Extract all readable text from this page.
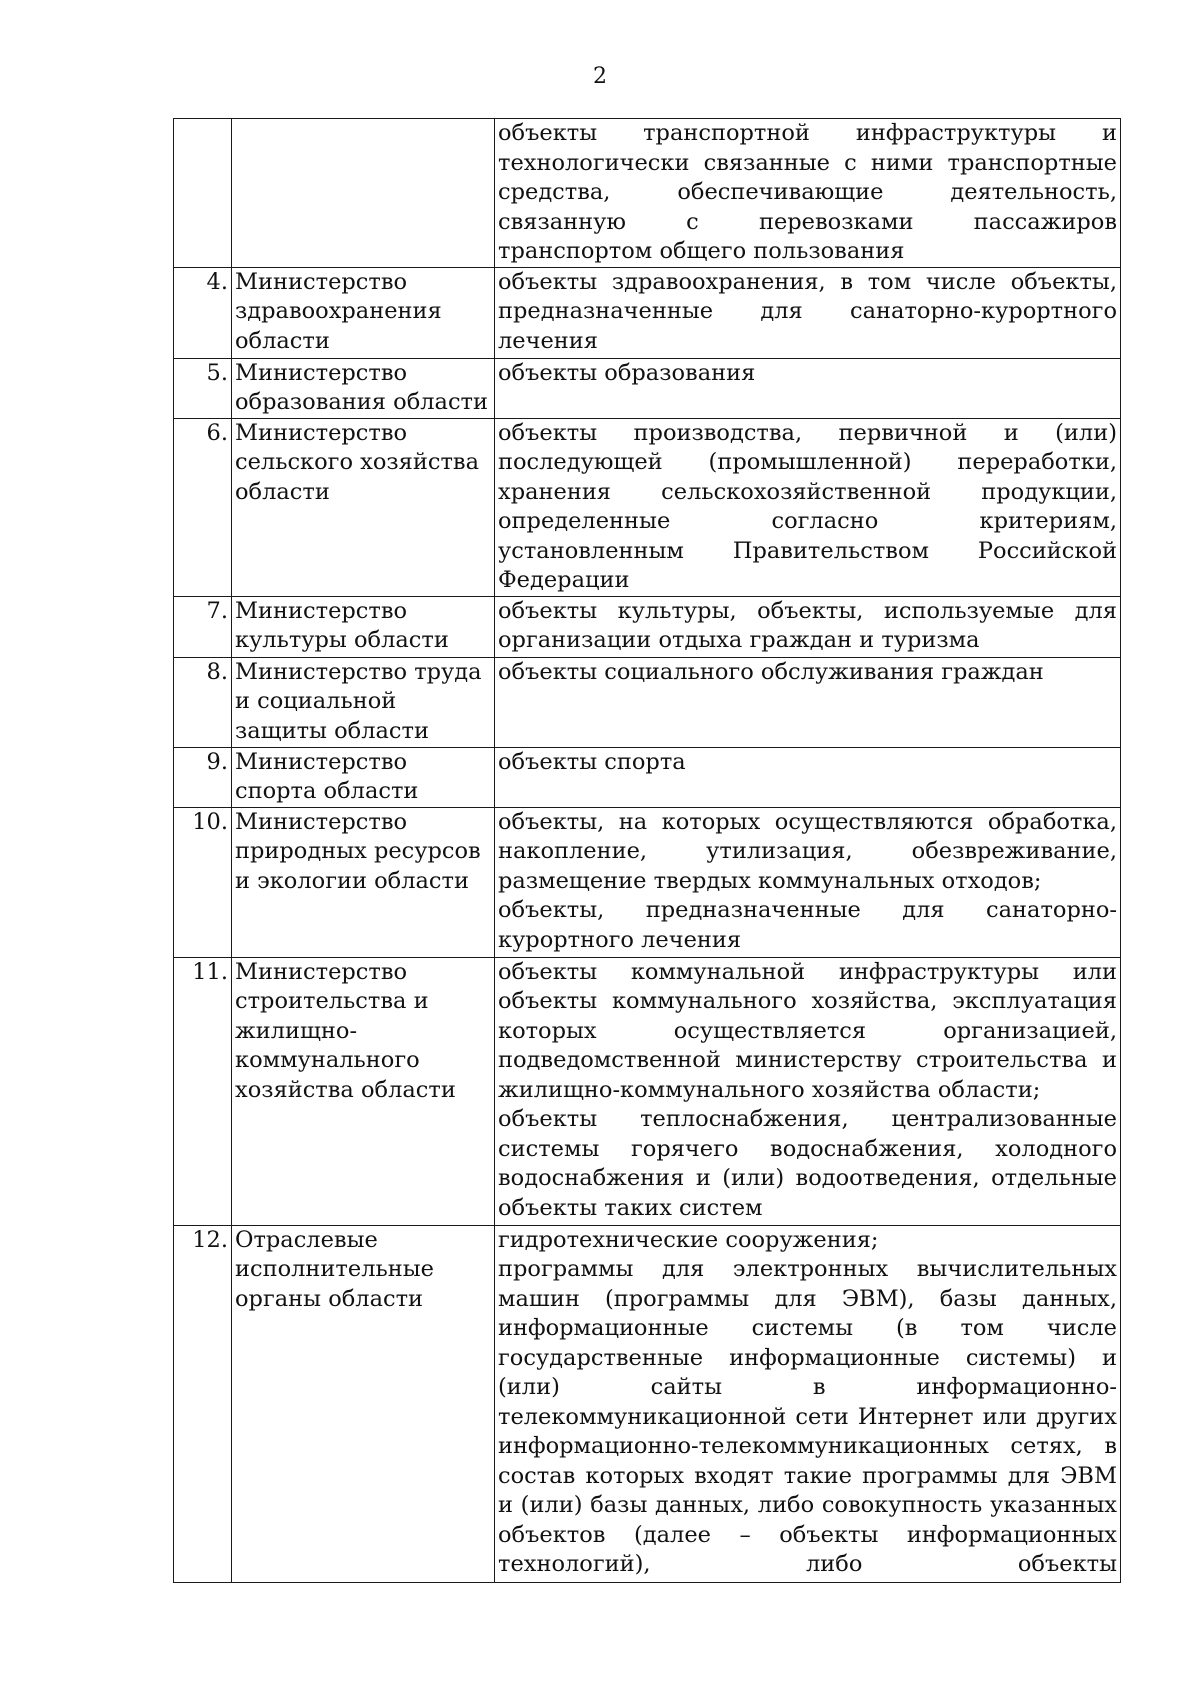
2

		объекты транспортной инфраструктуры и технологически связанные с ними транспортные средства, обеспечивающие деятельность, связанную с перевозками пассажиров транспортом общего пользования

4.	Министерство здравоохранения области	объекты здравоохранения, в том числе объекты, предназначенные для санаторно-курортного лечения

5.	Министерство образования области	объекты образования

6.	Министерство сельского хозяйства области	объекты производства, первичной и (или) последующей (промышленной) переработки, хранения сельскохозяйственной продукции, определенные согласно критериям, установленным Правительством Российской Федерации

7.	Министерство культуры области	объекты культуры, объекты, используемые для организации отдыха граждан и туризма

8.	Министерство труда и социальной защиты области	объекты социального обслуживания граждан

9.	Министерство спорта области	объекты спорта

10.	Министерство природных ресурсов и экологии области	объекты, на которых осуществляются обработка, накопление, утилизация, обезвреживание, размещение твердых коммунальных отходов;
объекты, предназначенные для санаторно-курортного лечения

11.	Министерство строительства и жилищно-коммунального хозяйства области	объекты коммунальной инфраструктуры или объекты коммунального хозяйства, эксплуатация которых осуществляется организацией, подведомственной министерству строительства и жилищно-коммунального хозяйства области;
объекты теплоснабжения, централизованные системы горячего водоснабжения, холодного водоснабжения и (или) водоотведения, отдельные объекты таких систем

12.	Отраслевые исполнительные органы области	гидротехнические сооружения;
программы для электронных вычислительных машин (программы для ЭВМ), базы данных, информационные системы (в том числе государственные информационные системы) и (или) сайты в информационно-телекоммуникационной сети Интернет или других информационно-телекоммуникационных сетях, в состав которых входят такие программы для ЭВМ и (или) базы данных, либо совокупность указанных объектов (далее – объекты информационных технологий), либо объекты
